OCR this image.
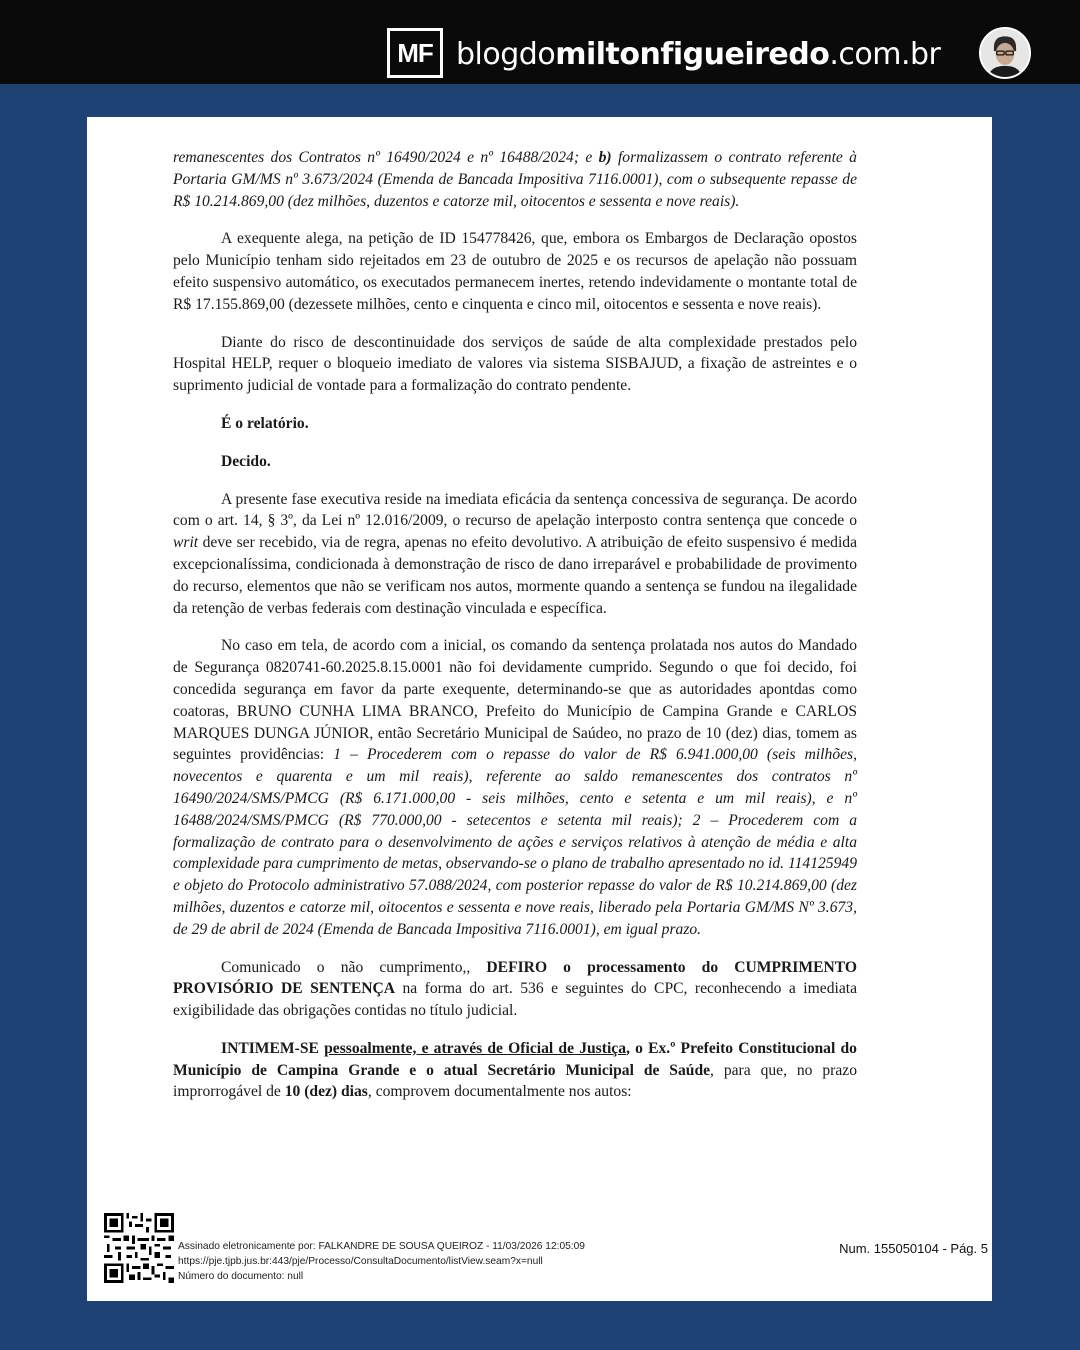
MF blogdomiltonfigueiredo.com.br

remanescentes dos Contratos nº 16490/2024 e nº 16488/2024; e b) formalizassem o contrato referente à Portaria GM/MS nº 3.673/2024 (Emenda de Bancada Impositiva 7116.0001), com o subsequente repasse de R$ 10.214.869,00 (dez milhões, duzentos e catorze mil, oitocentos e sessenta e nove reais).

A exequente alega, na petição de ID 154778426, que, embora os Embargos de Declaração opostos pelo Município tenham sido rejeitados em 23 de outubro de 2025 e os recursos de apelação não possuam efeito suspensivo automático, os executados permanecem inertes, retendo indevidamente o montante total de R$ 17.155.869,00 (dezessete milhões, cento e cinquenta e cinco mil, oitocentos e sessenta e nove reais).

Diante do risco de descontinuidade dos serviços de saúde de alta complexidade prestados pelo Hospital HELP, requer o bloqueio imediato de valores via sistema SISBAJUD, a fixação de astreintes e o suprimento judicial de vontade para a formalização do contrato pendente.

É o relatório.

Decido.

A presente fase executiva reside na imediata eficácia da sentença concessiva de segurança. De acordo com o art. 14, § 3º, da Lei nº 12.016/2009, o recurso de apelação interposto contra sentença que concede o writ deve ser recebido, via de regra, apenas no efeito devolutivo. A atribuição de efeito suspensivo é medida excepcionalíssima, condicionada à demonstração de risco de dano irreparável e probabilidade de provimento do recurso, elementos que não se verificam nos autos, mormente quando a sentença se fundou na ilegalidade da retenção de verbas federais com destinação vinculada e específica.

No caso em tela, de acordo com a inicial, os comando da sentença prolatada nos autos do Mandado de Segurança 0820741-60.2025.8.15.0001 não foi devidamente cumprido. Segundo o que foi decido, foi concedida segurança em favor da parte exequente, determinando-se que as autoridades apontdas como coatoras, BRUNO CUNHA LIMA BRANCO, Prefeito do Município de Campina Grande e CARLOS MARQUES DUNGA JÚNIOR, então Secretário Municipal de Saúdeo, no prazo de 10 (dez) dias, tomem as seguintes providências: 1 – Procederem com o repasse do valor de R$ 6.941.000,00 (seis milhões, novecentos e quarenta e um mil reais), referente ao saldo remanescentes dos contratos nº 16490/2024/SMS/PMCG (R$ 6.171.000,00 - seis milhões, cento e setenta e um mil reais), e nº 16488/2024/SMS/PMCG (R$ 770.000,00 - setecentos e setenta mil reais); 2 – Procederem com a formalização de contrato para o desenvolvimento de ações e serviços relativos à atenção de média e alta complexidade para cumprimento de metas, observando-se o plano de trabalho apresentado no id. 114125949 e objeto do Protocolo administrativo 57.088/2024, com posterior repasse do valor de R$ 10.214.869,00 (dez milhões, duzentos e catorze mil, oitocentos e sessenta e nove reais, liberado pela Portaria GM/MS Nº 3.673, de 29 de abril de 2024 (Emenda de Bancada Impositiva 7116.0001), em igual prazo.

Comunicado o não cumprimento,, DEFIRO o processamento do CUMPRIMENTO PROVISÓRIO DE SENTENÇA na forma do art. 536 e seguintes do CPC, reconhecendo a imediata exigibilidade das obrigações contidas no título judicial.

INTIMEM-SE pessoalmente, e através de Oficial de Justiça, o Ex.º Prefeito Constitucional do Município de Campina Grande e o atual Secretário Municipal de Saúde, para que, no prazo improrrogável de 10 (dez) dias, comprovem documentalmente nos autos:

Assinado eletronicamente por: FALKANDRE DE SOUSA QUEIROZ - 11/03/2026 12:05:09
https://pje.tjpb.jus.br:443/pje/Processo/ConsultaDocumento/listView.seam?x=null
Número do documento: null
Num. 155050104 - Pág. 5
